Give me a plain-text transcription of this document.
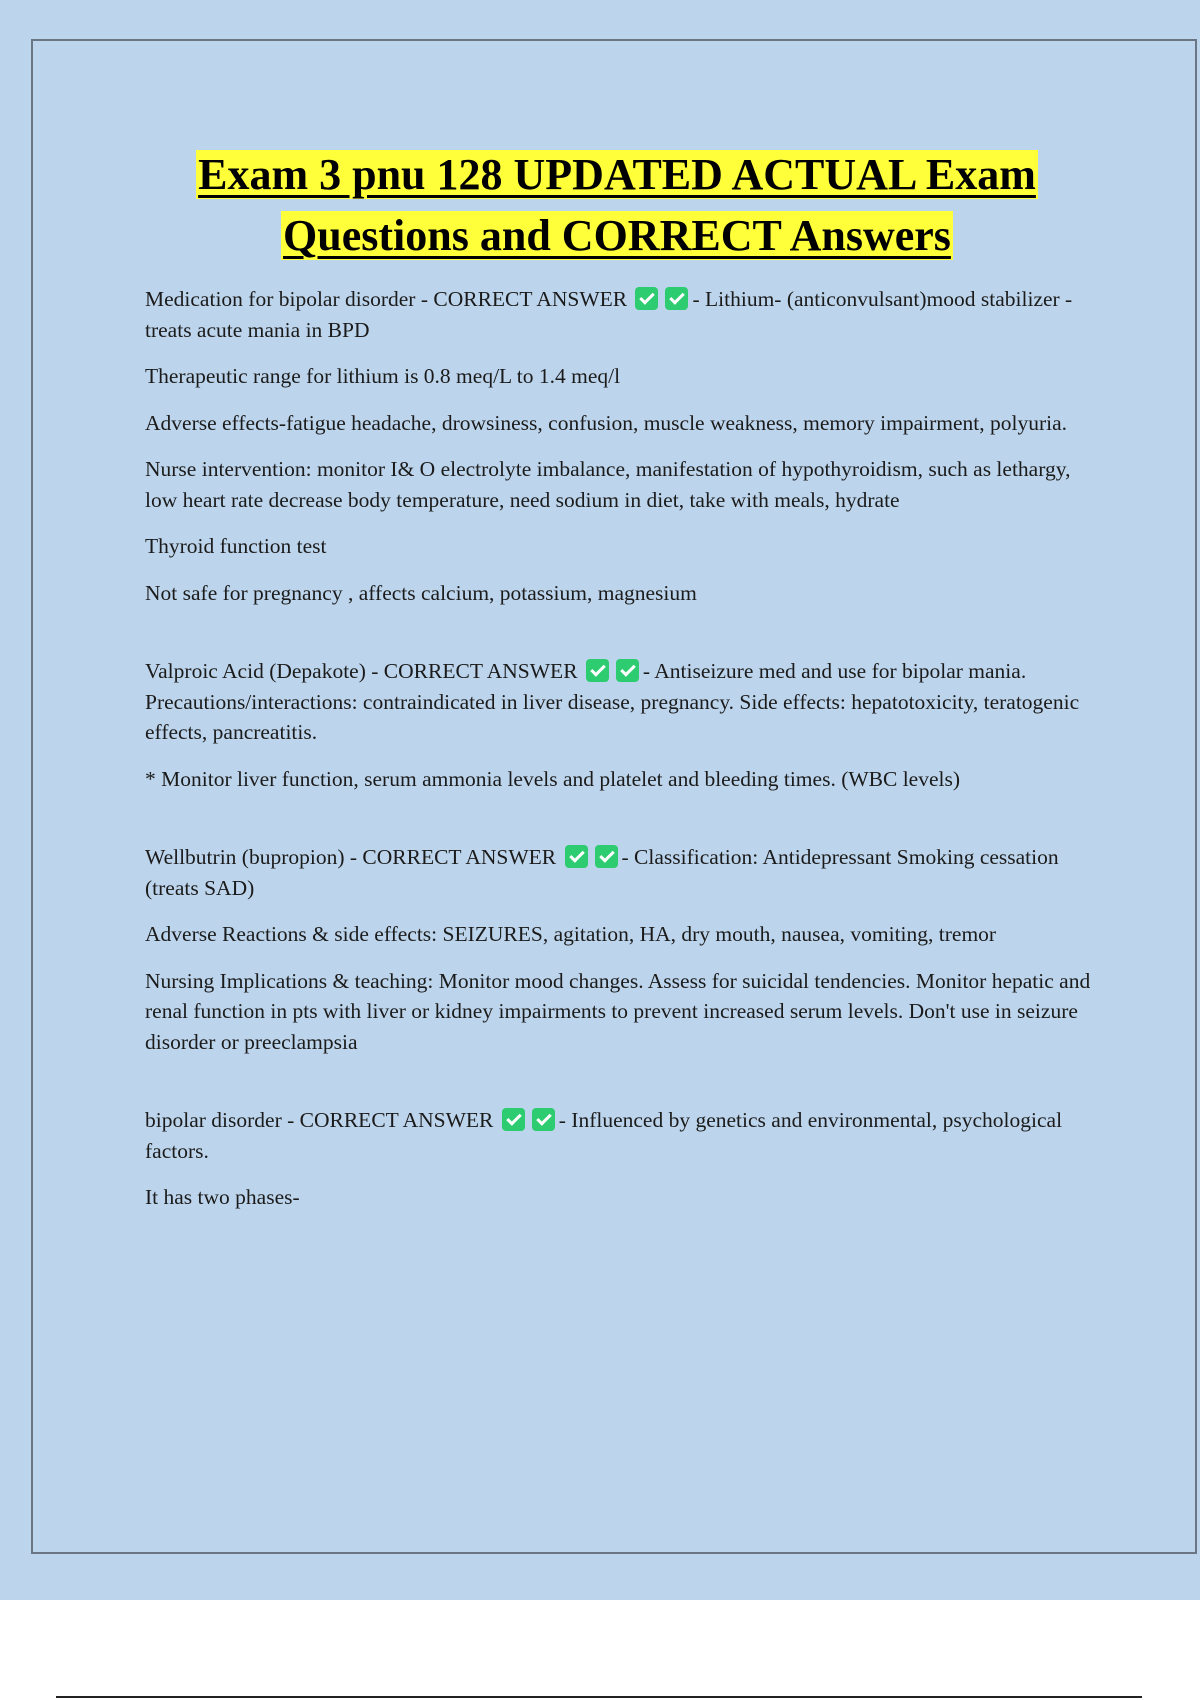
Exam 3 pnu 128 UPDATED ACTUAL Exam
Questions and CORRECT Answers

Medication for bipolar disorder - CORRECT ANSWER	- Lithium- (anticonvulsant)mood stabilizer - treats acute mania in BPD

Therapeutic range for lithium is 0.8 meq/L to 1.4 meq/l

Adverse effects-fatigue headache, drowsiness, confusion, muscle weakness, memory impairment, polyuria.

Nurse intervention: monitor I& O electrolyte imbalance, manifestation of hypothyroidism, such as lethargy, low heart rate decrease body temperature, need sodium in diet, take with meals, hydrate

Thyroid function test

Not safe for pregnancy , affects calcium, potassium, magnesium

Valproic Acid (Depakote) - CORRECT ANSWER	- Antiseizure med and use for bipolar mania. Precautions/interactions: contraindicated in liver disease, pregnancy. Side effects: hepatotoxicity, teratogenic effects, pancreatitis.

* Monitor liver function, serum ammonia levels and platelet and bleeding times. (WBC levels)

Wellbutrin (bupropion) - CORRECT ANSWER	- Classification: Antidepressant Smoking cessation (treats SAD)

Adverse Reactions & side effects: SEIZURES, agitation, HA, dry mouth, nausea, vomiting, tremor

Nursing Implications & teaching: Monitor mood changes. Assess for suicidal tendencies. Monitor hepatic and renal function in pts with liver or kidney impairments to prevent increased serum levels. Don't use in seizure disorder or preeclampsia

bipolar disorder - CORRECT ANSWER	- Influenced by genetics and environmental, psychological factors.

It has two phases-
